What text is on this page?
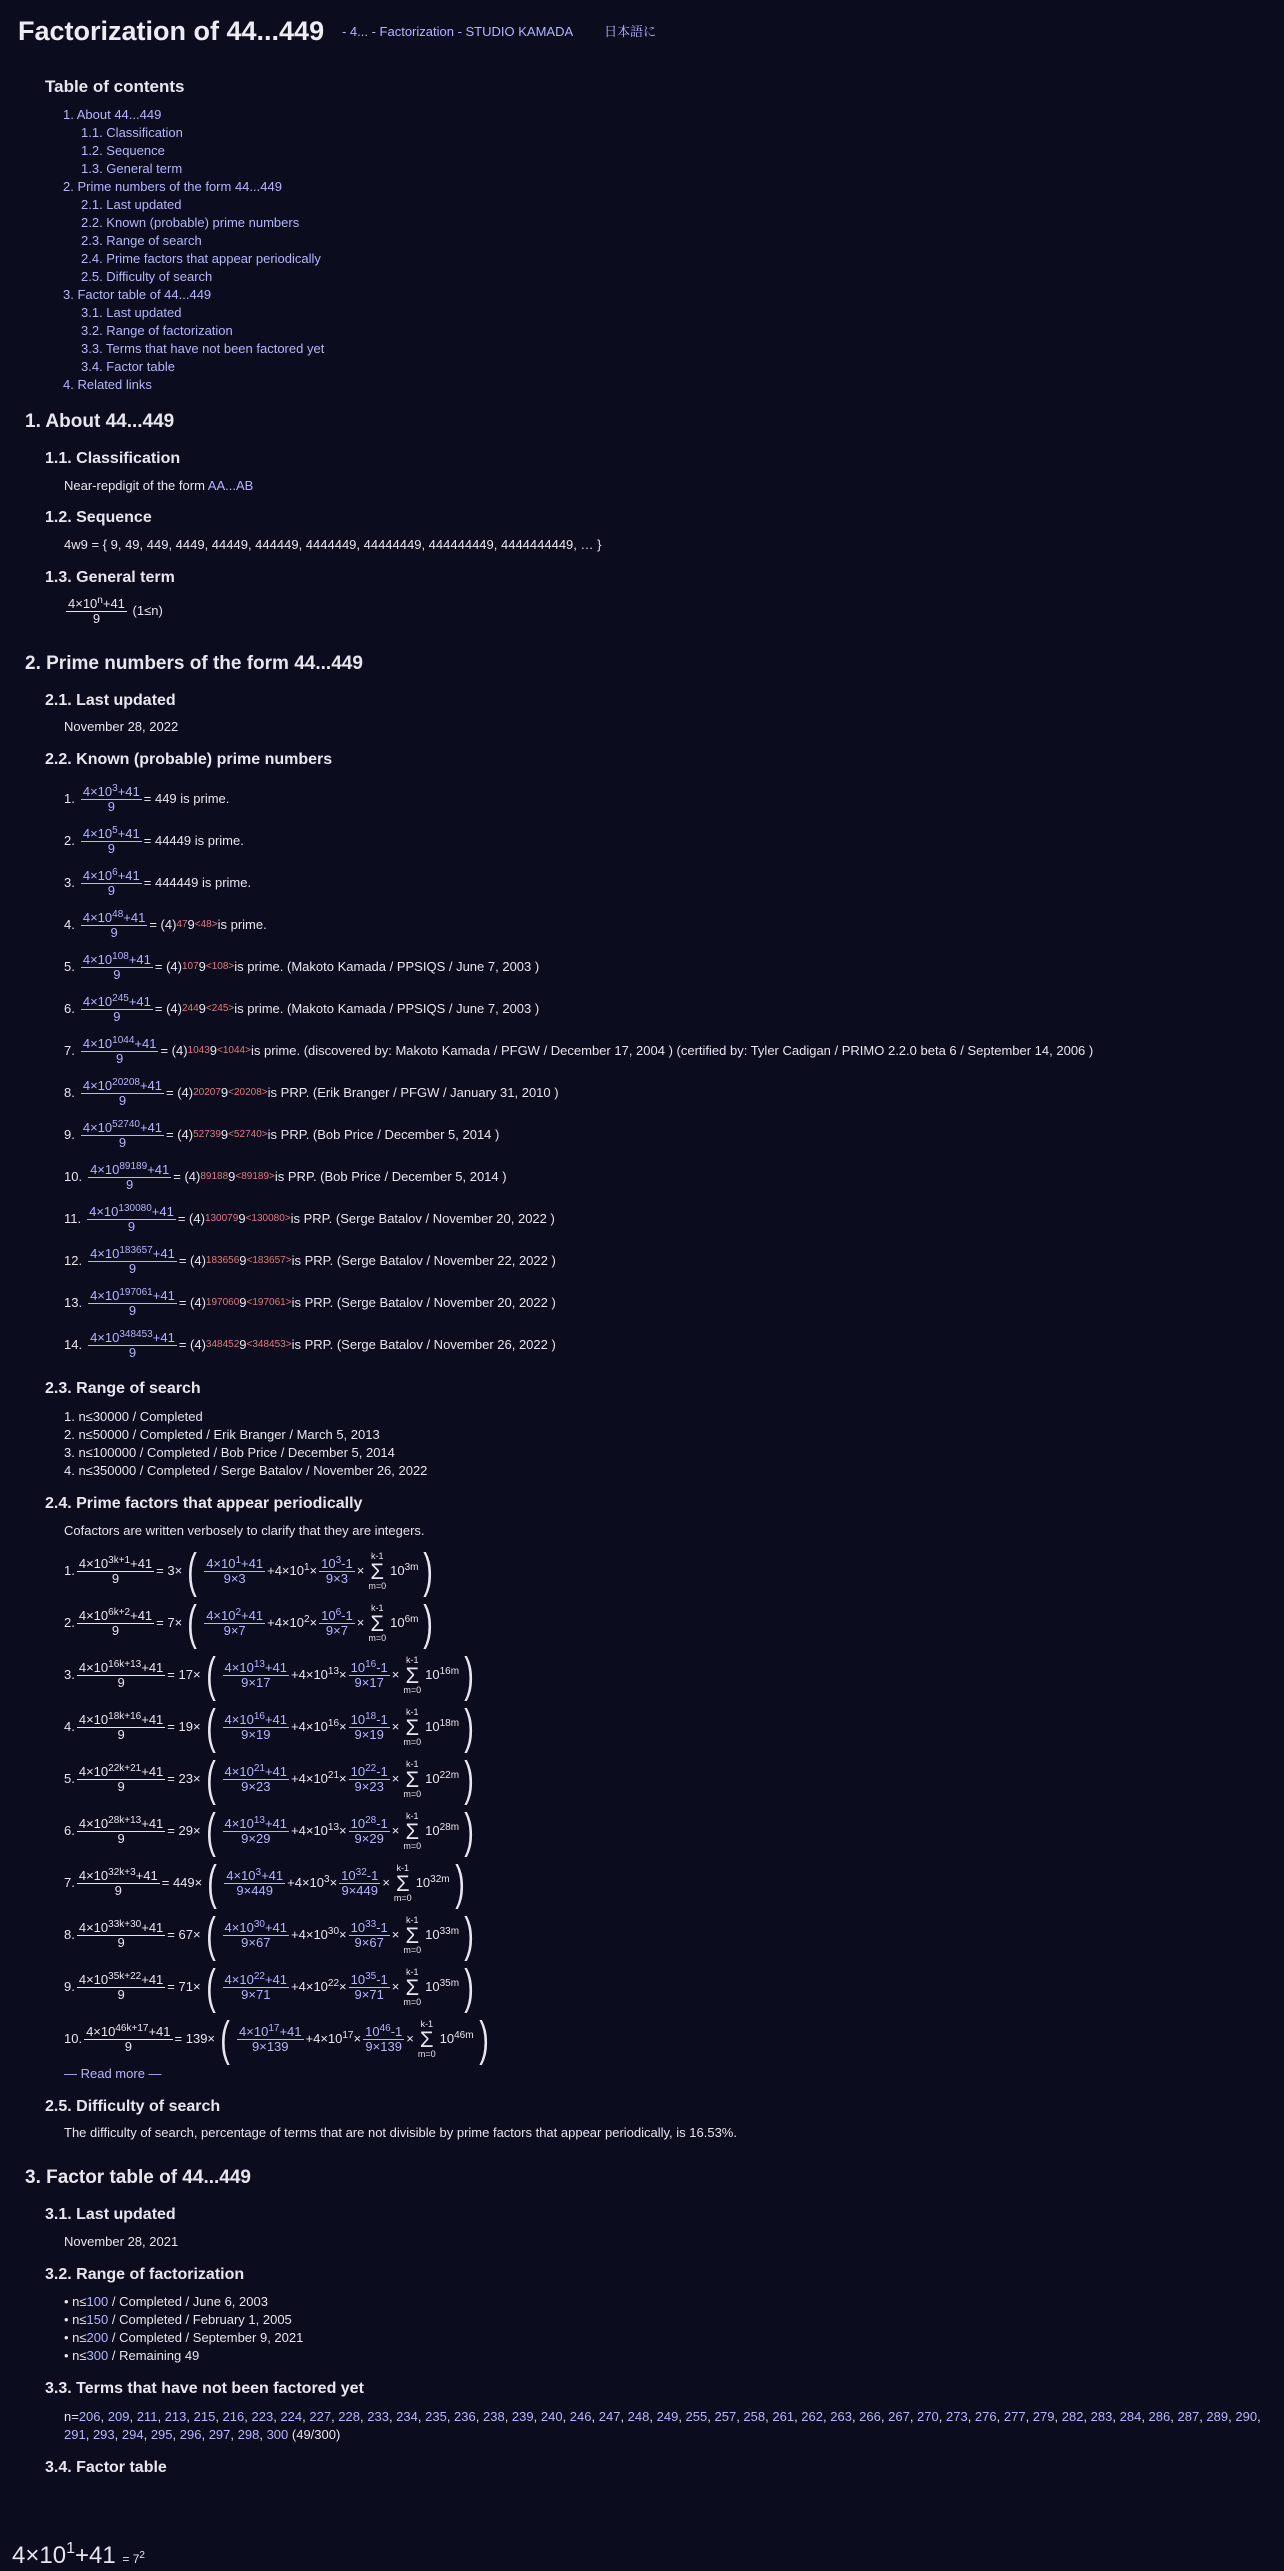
Factorization of 44...449 - 4... - Factorization - STUDIO KAMADA 日本語に
Table of contents
1. About 44...449
1.1. Classification
1.2. Sequence
1.3. General term
2. Prime numbers of the form 44...449
2.1. Last updated
2.2. Known (probable) prime numbers
2.3. Range of search
2.4. Prime factors that appear periodically
2.5. Difficulty of search
3. Factor table of 44...449
3.1. Last updated
3.2. Range of factorization
3.3. Terms that have not been factored yet
3.4. Factor table
4. Related links
1. About 44...449
1.1. Classification
Near-repdigit of the form AA...AB
1.2. Sequence
4w9 = { 9, 49, 449, 4449, 44449, 444449, 4444449, 44444449, 444444449, 4444444449, … }
1.3. General term
$\frac{4\times 10^n+41}{9} (1\le n)$
2. Prime numbers of the form 44...449
2.1. Last updated
November 28, 2022
2.2. Known (probable) prime numbers
1. $\frac{4\times 10^3+41}{9} = 449$ is prime.
2. $\frac{4\times 10^5+41}{9} = 44449$ is prime.
3. $\frac{4\times 10^6+41}{9} = 444449$ is prime.
4. $\frac{4\times 10^{48}+41}{9} = (4)$ 47 9 <48> is prime.
5. $\frac{4\times 10^{108}+41}{9} = (4)$ 107 9 <108> is prime. (Makoto Kamada / PPSIQS / June 7, 2003 )
6. $\frac{4\times 10^{245}+41}{9} = (4)$ 244 9 <245> is prime. (Makoto Kamada / PPSIQS / June 7, 2003 )
7. $\frac{4\times 10^{1044}+41}{9} = (4)$ 1043 9 <1044> is prime. (discovered by: Makoto Kamada / PFGW / December 17, 2004 ) (certified by: Tyler Cadigan / PRIMO 2.2.0 beta 6 / September 14, 2006 )
8. $\frac{4\times 10^{20208}+41}{9} = (4)$ 20207 9 <20208> is PRP. (Erik Branger / PFGW / January 31, 2010 )
9. $\frac{4\times 10^{52740}+41}{9} = (4)$ 52739 9 <52740> is PRP. (Bob Price / December 5, 2014 )
10. $\frac{4\times 10^{89189}+41}{9} = (4)$ 89188 9 <89189> is PRP. (Bob Price / December 5, 2014 )
11. $\frac{4\times 10^{130080}+41}{9} = (4)$ 130079 9 <130080> is PRP. (Serge Batalov / November 20, 2022 )
12. $\frac{4\times 10^{183657}+41}{9} = (4)$ 183656 9 <183657> is PRP. (Serge Batalov / November 22, 2022 )
13. $\frac{4\times 10^{197061}+41}{9} = (4)$ 197060 9 <197061> is PRP. (Serge Batalov / November 20, 2022 )
14. $\frac{4\times 10^{348453}+41}{9} = (4)$ 348452 9 <348453> is PRP. (Serge Batalov / November 26, 2022 )
2.3. Range of search
1. n≤30000 / Completed
2. n≤50000 / Completed / Erik Branger / March 5, 2013
3. n≤100000 / Completed / Bob Price / December 5, 2014
4. n≤350000 / Completed / Serge Batalov / November 26, 2022
2.4. Prime factors that appear periodically
Cofactors are written verbosely to clarify that they are integers.
1. $\frac{4\times 10^{3k+1}+41}{9} = 3\times$ ( $\frac{4\times 10^1+41}{9\times 3} +4\times 10^1\times \frac{10^3-1}{9\times 3}$ ×
k-1
Σ
m=0
$10^{3m}$ )
2. $\frac{4\times 10^{6k+2}+41}{9} = 7\times$ ( $\frac{4\times 10^2+41}{9\times 7} +4\times 10^2\times \frac{10^6-1}{9\times 7}$ ×
k-1
Σ
m=0
$10^{6m}$ )
3. $\frac{4\times 10^{16k+13}+41}{9} = 17\times$ ( $\frac{4\times 10^{13}+41}{9\times 17} +4\times 10^{13}\times \frac{10^{16}-1}{9\times 17}$ ×
k-1
Σ
m=0
$10^{16m}$ )
4. $\frac{4\times 10^{18k+16}+41}{9} = 19\times$ ( $\frac{4\times 10^{16}+41}{9\times 19} +4\times 10^{16}\times \frac{10^{18}-1}{9\times 19}$ ×
k-1
Σ
m=0
$10^{18m}$ )
5. $\frac{4\times 10^{22k+21}+41}{9} = 23\times$ ( $\frac{4\times 10^{21}+41}{9\times 23} +4\times 10^{21}\times \frac{10^{22}-1}{9\times 23}$ ×
k-1
Σ
m=0
$10^{22m}$ )
6. $\frac{4\times 10^{28k+13}+41}{9} = 29\times$ ( $\frac{4\times 10^{13}+41}{9\times 29} +4\times 10^{13}\times \frac{10^{28}-1}{9\times 29}$ ×
k-1
Σ
m=0
$10^{28m}$ )
7. $\frac{4\times 10^{32k+3}+41}{9} = 449\times$ ( $\frac{4\times 10^3+41}{9\times 449} +4\times 10^3\times \frac{10^{32}-1}{9\times 449}$ ×
k-1
Σ
m=0
$10^{32m}$ )
8. $\frac{4\times 10^{33k+30}+41}{9} = 67\times$ ( $\frac{4\times 10^{30}+41}{9\times 67} +4\times 10^{30}\times \frac{10^{33}-1}{9\times 67}$ ×
k-1
Σ
m=0
$10^{33m}$ )
9. $\frac{4\times 10^{35k+22}+41}{9} = 71\times$ ( $\frac{4\times 10^{22}+41}{9\times 71} +4\times 10^{22}\times \frac{10^{35}-1}{9\times 71}$ ×
k-1
Σ
m=0
$10^{35m}$ )
10. $\frac{4\times 10^{46k+17}+41}{9} = 139\times$ ( $\frac{4\times 10^{17}+41}{9\times 139} +4\times 10^{17}\times \frac{10^{46}-1}{9\times 139}$ ×
k-1
Σ
m=0
$10^{46m}$ )
— Read more —
2.5. Difficulty of search
The difficulty of search, percentage of terms that are not divisible by prime factors that appear periodically, is 16.53%.
3. Factor table of 44...449
3.1. Last updated
November 28, 2021
3.2. Range of factorization
• n≤100 / Completed / June 6, 2003
• n≤150 / Completed / February 1, 2005
• n≤200 / Completed / September 9, 2021
• n≤300 / Remaining 49
3.3. Terms that have not been factored yet
n=206, 209, 211, 213, 215, 216, 223, 224, 227, 228, 233, 234, 235, 236, 238, 239, 240, 246, 247, 248, 249, 255, 257, 258, 261, 262, 263, 266, 267, 270, 273, 276, 277, 279, 282, 283, 284, 286, 287, 289, 290, 291, 293, 294, 295, 296, 297, 298, 300 (49/300)
3.4. Factor table
$4\times 10^1+41 = 7^2$
